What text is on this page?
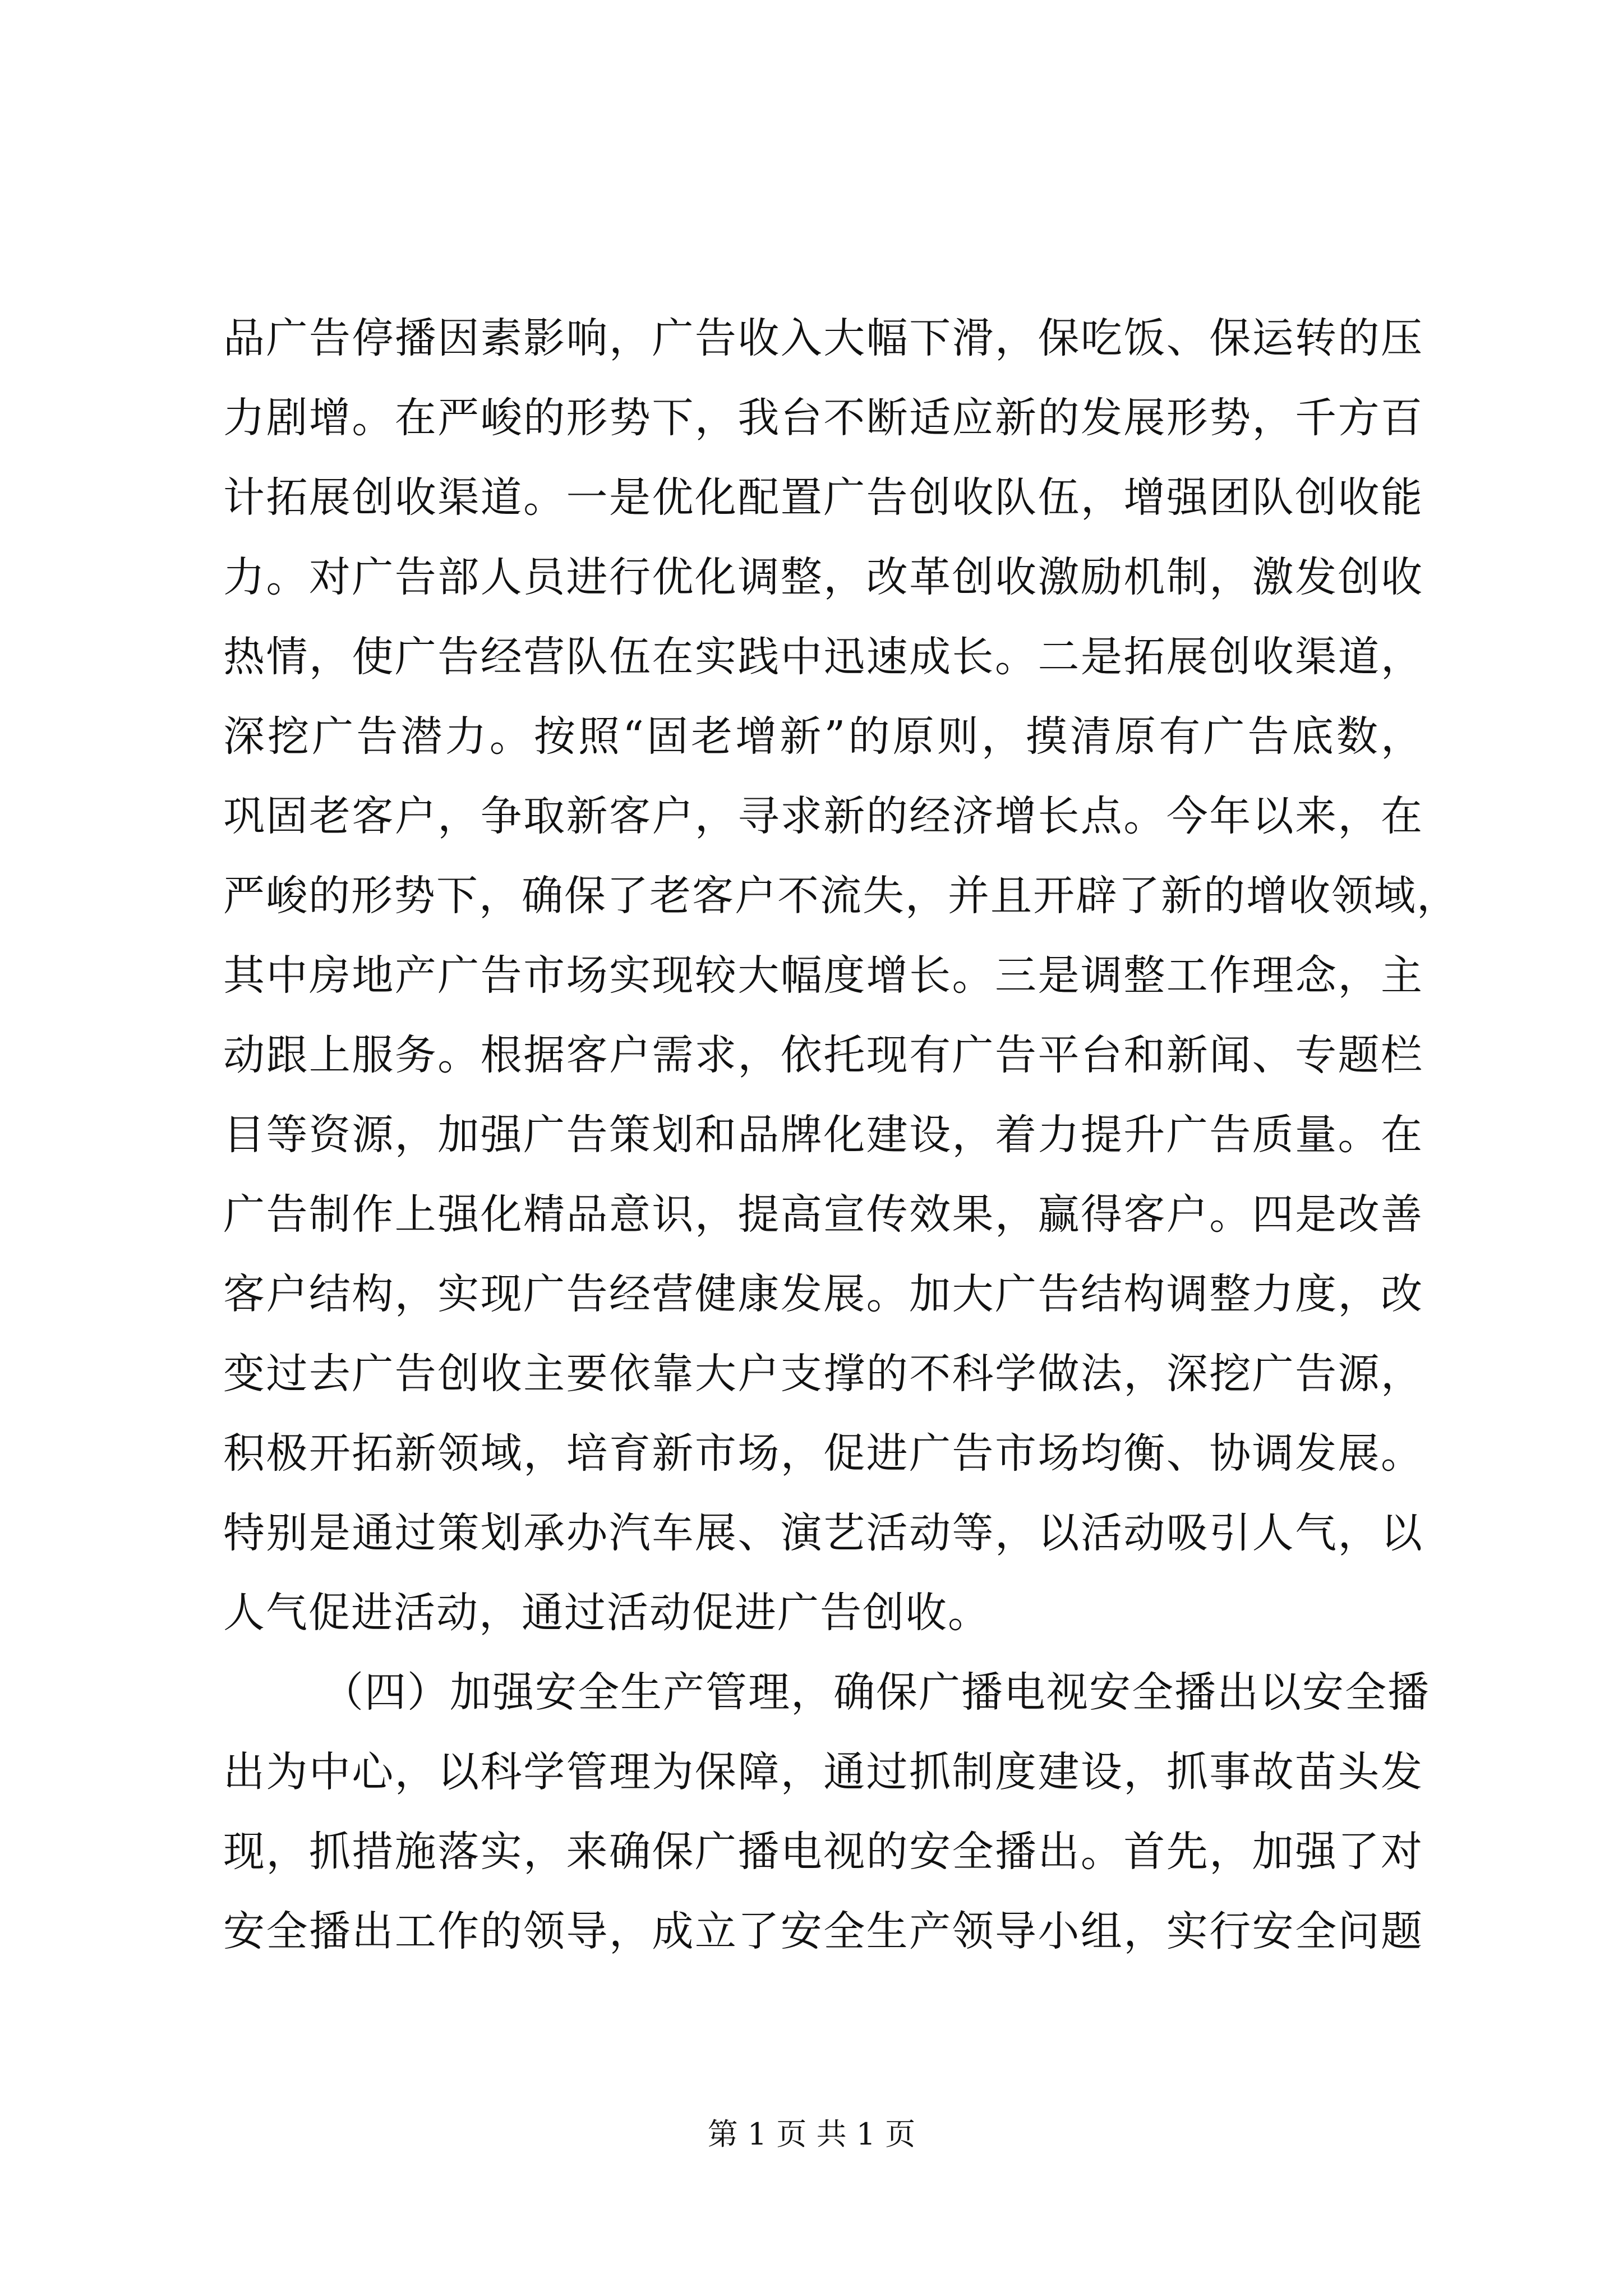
品广告停播因素影响，广告收入大幅下滑，保吃饭、保运转的压
力剧增。在严峻的形势下，我台不断适应新的发展形势，千方百
计拓展创收渠道。一是优化配置广告创收队伍，增强团队创收能
力。对广告部人员进行优化调整，改革创收激励机制，激发创收
热情，使广告经营队伍在实践中迅速成长。二是拓展创收渠道，
深挖广告潜力。按照“固老增新”的原则，摸清原有广告底数，
巩固老客户，争取新客户，寻求新的经济增长点。今年以来，在
严峻的形势下，确保了老客户不流失，并且开辟了新的增收领域，
其中房地产广告市场实现较大幅度增长。三是调整工作理念，主
动跟上服务。根据客户需求，依托现有广告平台和新闻、专题栏
目等资源，加强广告策划和品牌化建设，着力提升广告质量。在
广告制作上强化精品意识，提高宣传效果，赢得客户。四是改善
客户结构，实现广告经营健康发展。加大广告结构调整力度，改
变过去广告创收主要依靠大户支撑的不科学做法，深挖广告源，
积极开拓新领域，培育新市场，促进广告市场均衡、协调发展。
特别是通过策划承办汽车展、演艺活动等，以活动吸引人气，以
人气促进活动，通过活动促进广告创收。
（四）加强安全生产管理，确保广播电视安全播出以安全播
出为中心，以科学管理为保障，通过抓制度建设，抓事故苗头发
现，抓措施落实，来确保广播电视的安全播出。首先，加强了对
安全播出工作的领导，成立了安全生产领导小组，实行安全问题
第 1 页 共 1 页
